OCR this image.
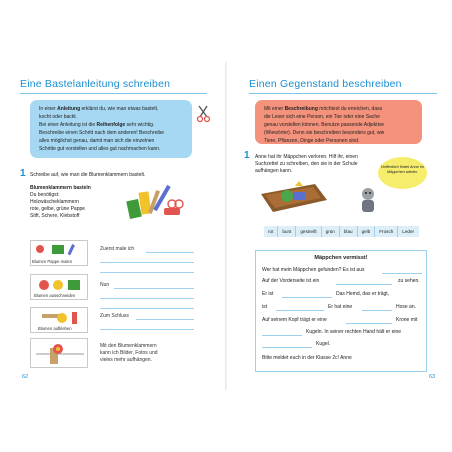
Eine Bastelanleitung schreiben
In einer Anleitung erklärst du, wie man etwas bastelt,
kocht oder backt.
Bei einer Anleitung ist die Reihenfolge sehr wichtig.
Beschreibe einen Schritt nach dem anderen! Beschreibe
alles möglichst genau, damit man sich die einzelnen
Schritte gut vorstellen und alles gut nachmachen kann.
1 Schreibe auf, wie man die Blumenklammern bastelt.
Blumenklammern basteln
Du benötigst:
Holzwäscheklammern
rote, gelbe, grüne Pappe
Stift, Schere, Klebstoff
Blumen Pappe malen
Zuerst male ich
Blumen ausschneiden
Nun
Blumen aufkleben
Zum Schluss
Mit den Blumenklammern
kann ich Bilder, Fotos und
vieles mehr aufhängen.
62
Einen Gegenstand beschreiben
Mit einer Beschreibung möchtest du erreichen, dass
die Leser sich eine Person, ein Tier oder eine Sache
genau vorstellen können. Benutze passende Adjektive
(Wiewörter). Denn sie beschreiben besonders gut, wie
Tiere, Pflanzen, Dinge oder Personen sind.
1 Anne hat ihr Mäppchen verloren. Hilf ihr, einen
Suchzettel zu schreiben, den sie in der Schule
aufhängen kann.
Hoffentlich findet Anne ihr Mäppchen wieder.
rot	bunt	gestreift	grün	blau	gelb	Frosch	Leder
Mäppchen vermisst!
Wer hat mein Mäppchen gefunden? Es ist aus
Auf der Vorderseite ist ein	zu sehen.
Er ist	Das Hemd, das er trägt,
ist	Er hat eine	Hose an.
Auf seinem Kopf trägt er eine	Krone mit
Kugeln. In seiner rechten Hand hält er eine
Kugel.
Bitte meldet euch in der Klasse 2c! Anne
63
